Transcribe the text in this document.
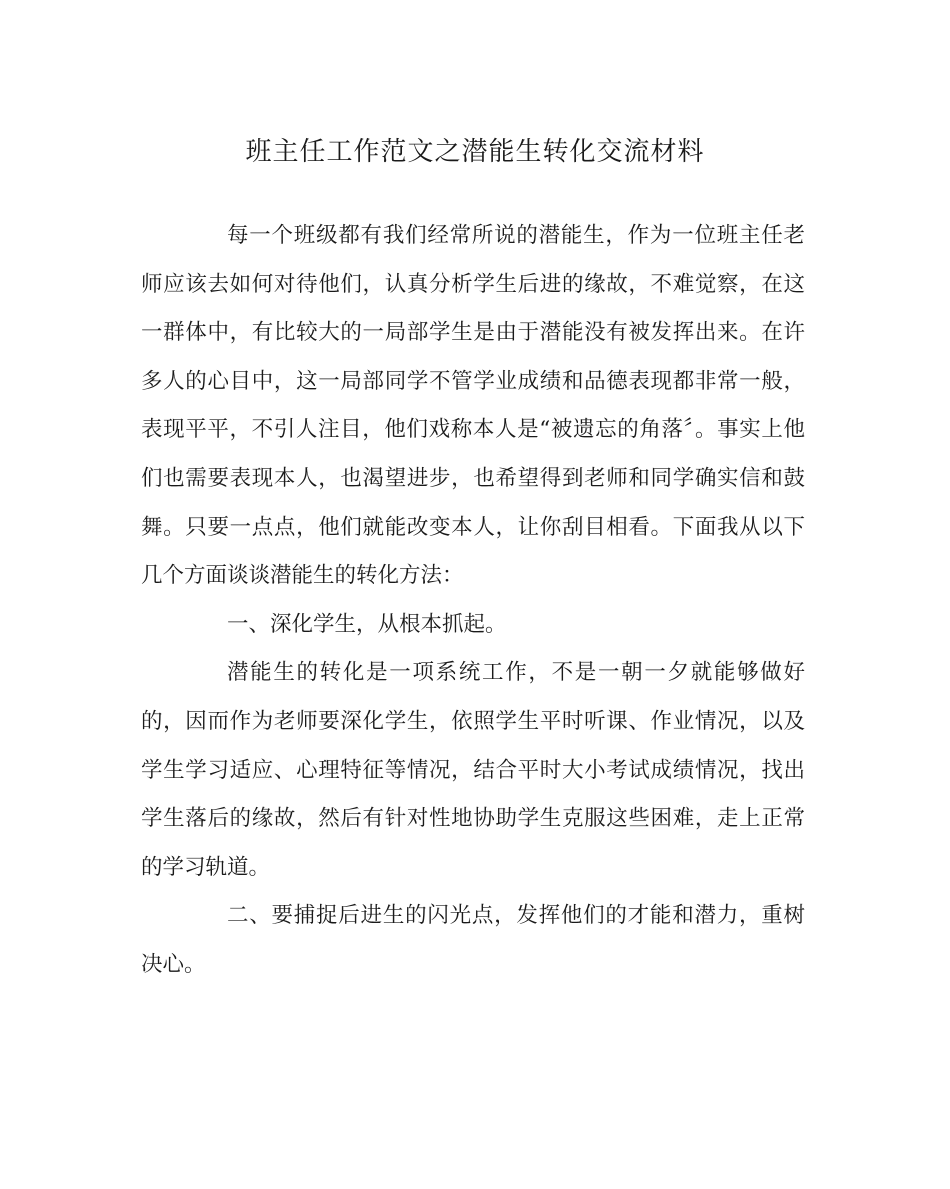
班主任工作范文之潜能生转化交流材料

每一个班级都有我们经常所说的潜能生，作为一位班主任老师应该去如何对待他们，认真分析学生后进的缘故，不难觉察，在这一群体中，有比较大的一局部学生是由于潜能没有被发挥出来。在许多人的心目中，这一局部同学不管学业成绩和品德表现都非常一般，表现平平，不引人注目，他们戏称本人是“被遗忘的角落〞。事实上他们也需要表现本人，也渴望进步，也希望得到老师和同学确实信和鼓舞。只要一点点，他们就能改变本人，让你刮目相看。下面我从以下几个方面谈谈潜能生的转化方法：

一、深化学生，从根本抓起。

潜能生的转化是一项系统工作，不是一朝一夕就能够做好的，因而作为老师要深化学生，依照学生平时听课、作业情况，以及学生学习适应、心理特征等情况，结合平时大小考试成绩情况，找出学生落后的缘故，然后有针对性地协助学生克服这些困难，走上正常的学习轨道。

二、要捕捉后进生的闪光点，发挥他们的才能和潜力，重树决心。
